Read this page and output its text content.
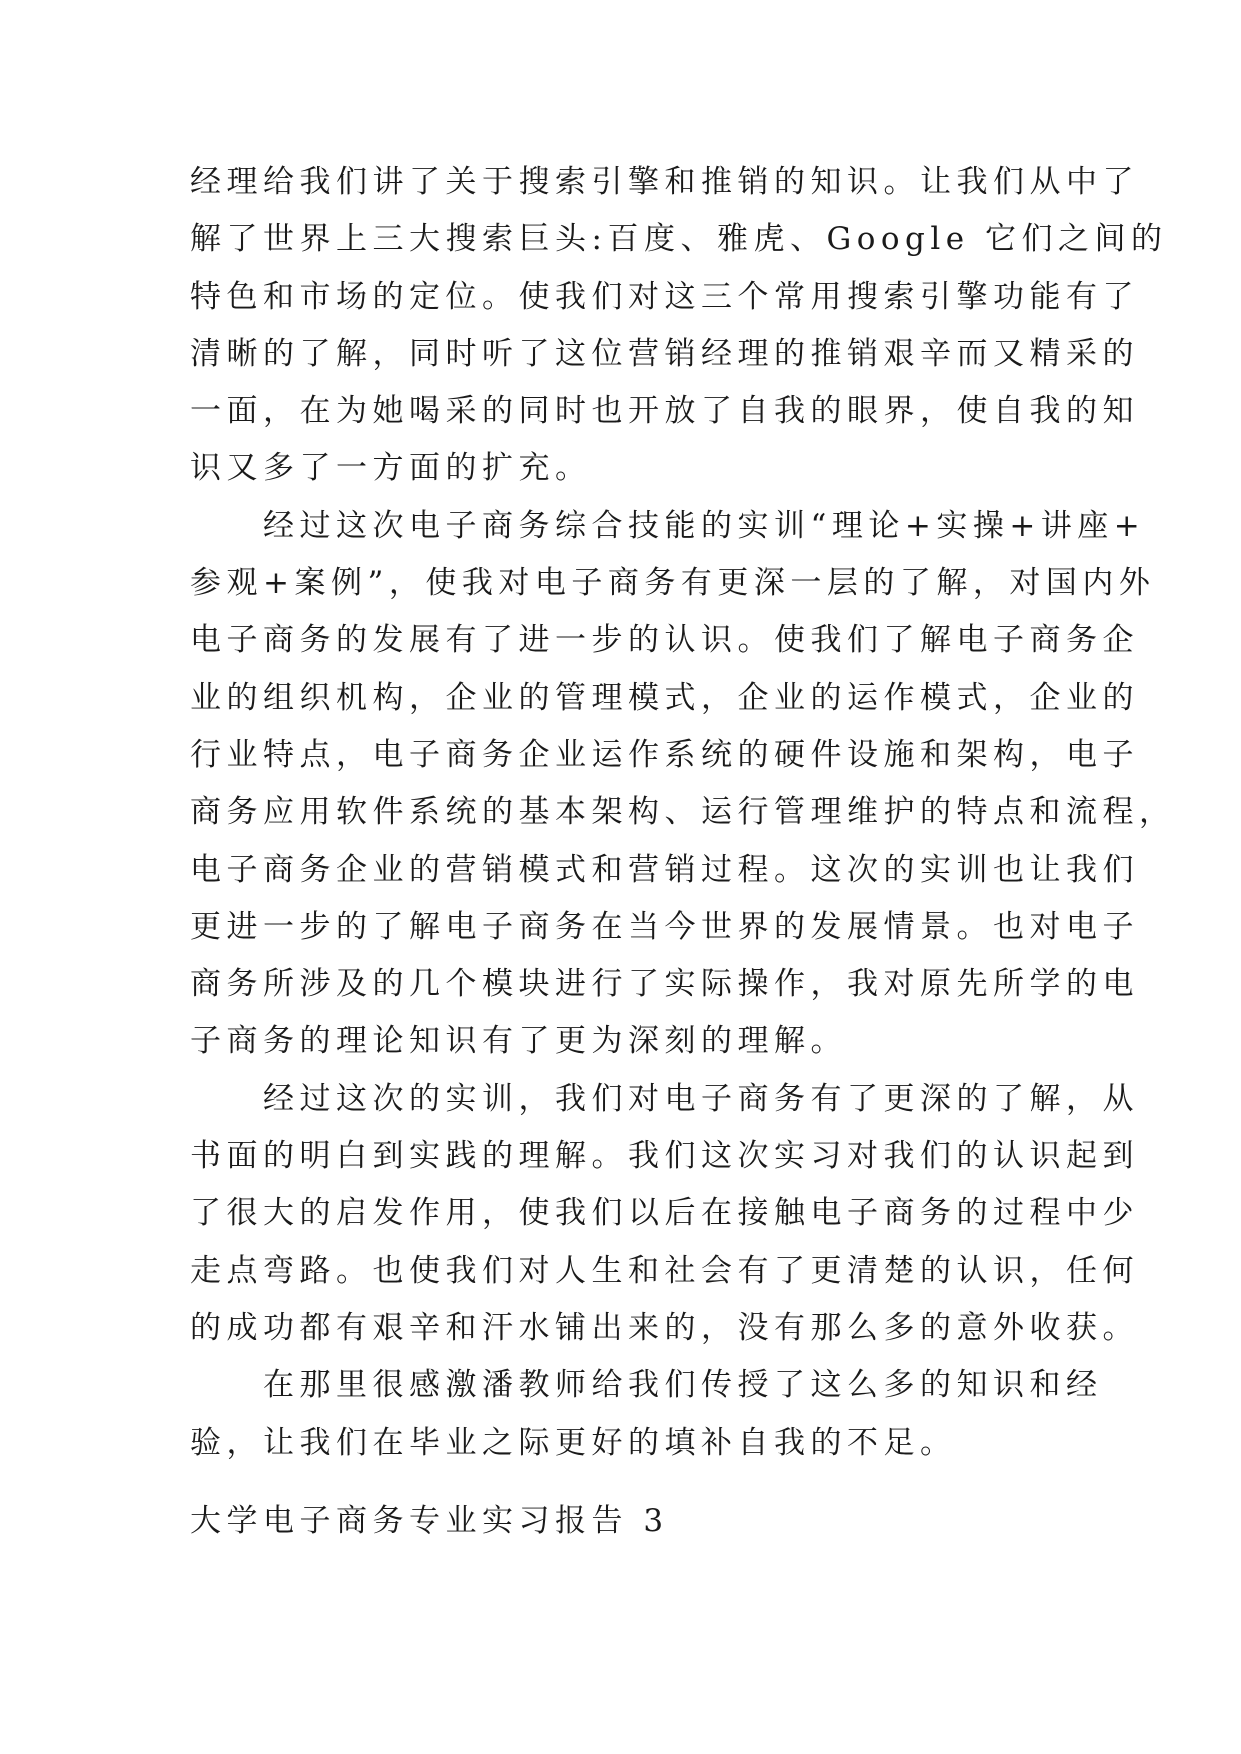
经理给我们讲了关于搜索引擎和推销的知识。让我们从中了
解了世界上三大搜索巨头:百度、雅虎、Google 它们之间的
特色和市场的定位。使我们对这三个常用搜索引擎功能有了
清晰的了解，同时听了这位营销经理的推销艰辛而又精采的
一面，在为她喝采的同时也开放了自我的眼界，使自我的知
识又多了一方面的扩充。
　　经过这次电子商务综合技能的实训“理论+实操+讲座+
参观+案例”，使我对电子商务有更深一层的了解，对国内外
电子商务的发展有了进一步的认识。使我们了解电子商务企
业的组织机构，企业的管理模式，企业的运作模式，企业的
行业特点，电子商务企业运作系统的硬件设施和架构，电子
商务应用软件系统的基本架构、运行管理维护的特点和流程，
电子商务企业的营销模式和营销过程。这次的实训也让我们
更进一步的了解电子商务在当今世界的发展情景。也对电子
商务所涉及的几个模块进行了实际操作，我对原先所学的电
子商务的理论知识有了更为深刻的理解。
　　经过这次的实训，我们对电子商务有了更深的了解，从
书面的明白到实践的理解。我们这次实习对我们的认识起到
了很大的启发作用，使我们以后在接触电子商务的过程中少
走点弯路。也使我们对人生和社会有了更清楚的认识，任何
的成功都有艰辛和汗水铺出来的，没有那么多的意外收获。
　　在那里很感激潘教师给我们传授了这么多的知识和经
验，让我们在毕业之际更好的填补自我的不足。
大学电子商务专业实习报告 3
